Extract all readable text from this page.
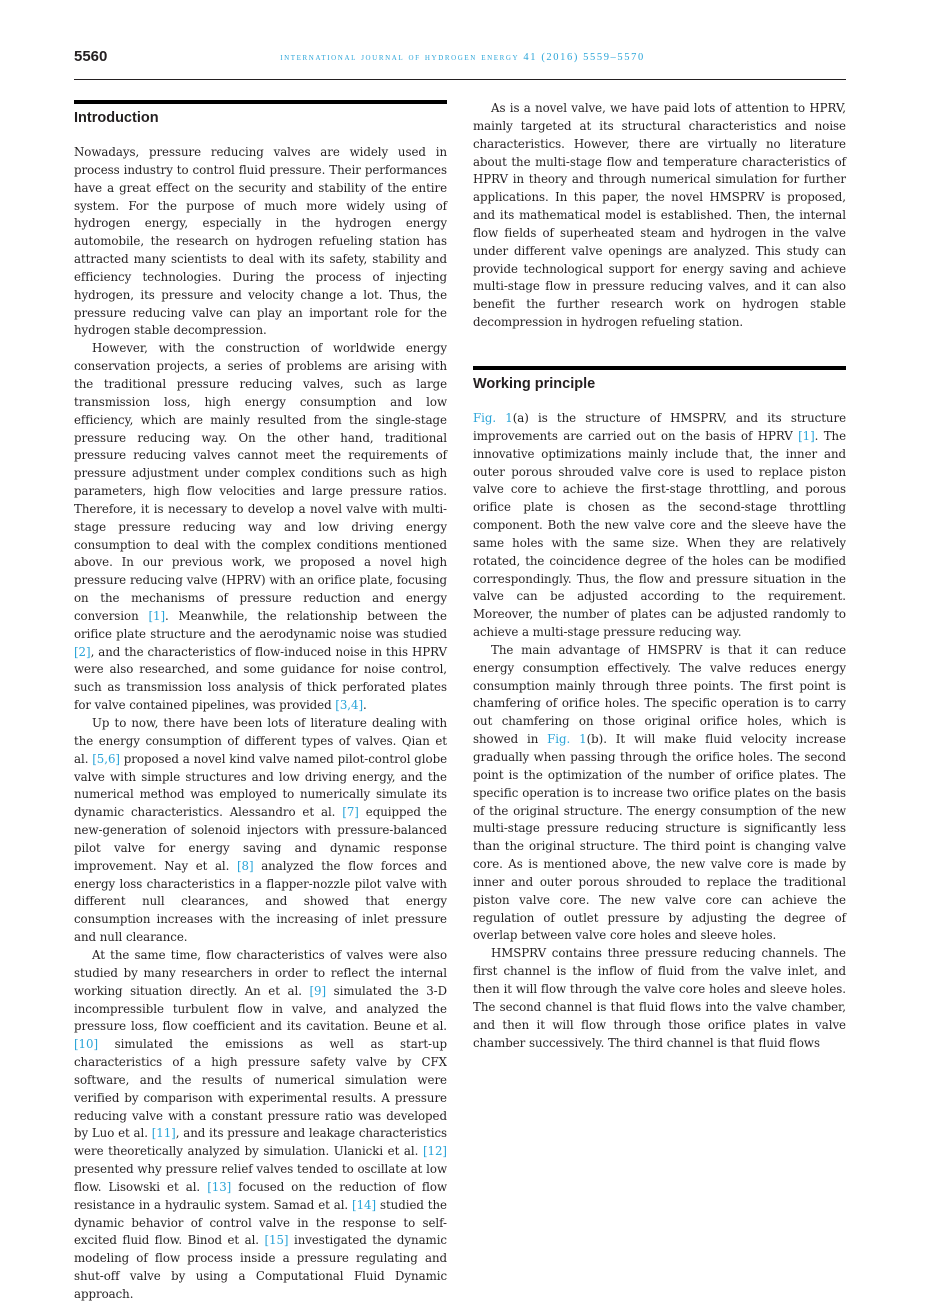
5560	international journal of hydrogen energy 41 (2016) 5559–5570
Introduction

Nowadays, pressure reducing valves are widely used in process industry to control fluid pressure. Their performances have a great effect on the security and stability of the entire system. For the purpose of much more widely using of hydrogen energy, especially in the hydrogen energy automobile, the research on hydrogen refueling station has attracted many scientists to deal with its safety, stability and efficiency technologies. During the process of injecting hydrogen, its pressure and velocity change a lot. Thus, the pressure reducing valve can play an important role for the hydrogen stable decompression.

However, with the construction of worldwide energy conservation projects, a series of problems are arising with the traditional pressure reducing valves, such as large transmission loss, high energy consumption and low efficiency, which are mainly resulted from the single-stage pressure reducing way. On the other hand, traditional pressure reducing valves cannot meet the requirements of pressure adjustment under complex conditions such as high parameters, high flow velocities and large pressure ratios. Therefore, it is necessary to develop a novel valve with multi-stage pressure reducing way and low driving energy consumption to deal with the complex conditions mentioned above. In our previous work, we proposed a novel high pressure reducing valve (HPRV) with an orifice plate, focusing on the mechanisms of pressure reduction and energy conversion [1]. Meanwhile, the relationship between the orifice plate structure and the aerodynamic noise was studied [2], and the characteristics of flow-induced noise in this HPRV were also researched, and some guidance for noise control, such as transmission loss analysis of thick perforated plates for valve contained pipelines, was provided [3,4].

Up to now, there have been lots of literature dealing with the energy consumption of different types of valves. Qian et al. [5,6] proposed a novel kind valve named pilot-control globe valve with simple structures and low driving energy, and the numerical method was employed to numerically simulate its dynamic characteristics. Alessandro et al. [7] equipped the new-generation of solenoid injectors with pressure-balanced pilot valve for energy saving and dynamic response improvement. Nay et al. [8] analyzed the flow forces and energy loss characteristics in a flapper-nozzle pilot valve with different null clearances, and showed that energy consumption increases with the increasing of inlet pressure and null clearance.

At the same time, flow characteristics of valves were also studied by many researchers in order to reflect the internal working situation directly. An et al. [9] simulated the 3-D incompressible turbulent flow in valve, and analyzed the pressure loss, flow coefficient and its cavitation. Beune et al. [10] simulated the emissions as well as start-up characteristics of a high pressure safety valve by CFX software, and the results of numerical simulation were verified by comparison with experimental results. A pressure reducing valve with a constant pressure ratio was developed by Luo et al. [11], and its pressure and leakage characteristics were theoretically analyzed by simulation. Ulanicki et al. [12] presented why pressure relief valves tended to oscillate at low flow. Lisowski et al. [13] focused on the reduction of flow resistance in a hydraulic system. Samad et al. [14] studied the dynamic behavior of control valve in the response to self-excited fluid flow. Binod et al. [15] investigated the dynamic modeling of flow process inside a pressure regulating and shut-off valve by using a Computational Fluid Dynamic approach.

As is a novel valve, we have paid lots of attention to HPRV, mainly targeted at its structural characteristics and noise characteristics. However, there are virtually no literature about the multi-stage flow and temperature characteristics of HPRV in theory and through numerical simulation for further applications. In this paper, the novel HMSPRV is proposed, and its mathematical model is established. Then, the internal flow fields of superheated steam and hydrogen in the valve under different valve openings are analyzed. This study can provide technological support for energy saving and achieve multi-stage flow in pressure reducing valves, and it can also benefit the further research work on hydrogen stable decompression in hydrogen refueling station.

Working principle

Fig. 1(a) is the structure of HMSPRV, and its structure improvements are carried out on the basis of HPRV [1]. The innovative optimizations mainly include that, the inner and outer porous shrouded valve core is used to replace piston valve core to achieve the first-stage throttling, and porous orifice plate is chosen as the second-stage throttling component. Both the new valve core and the sleeve have the same holes with the same size. When they are relatively rotated, the coincidence degree of the holes can be modified correspondingly. Thus, the flow and pressure situation in the valve can be adjusted according to the requirement. Moreover, the number of plates can be adjusted randomly to achieve a multi-stage pressure reducing way.

The main advantage of HMSPRV is that it can reduce energy consumption effectively. The valve reduces energy consumption mainly through three points. The first point is chamfering of orifice holes. The specific operation is to carry out chamfering on those original orifice holes, which is showed in Fig. 1(b). It will make fluid velocity increase gradually when passing through the orifice holes. The second point is the optimization of the number of orifice plates. The specific operation is to increase two orifice plates on the basis of the original structure. The energy consumption of the new multi-stage pressure reducing structure is significantly less than the original structure. The third point is changing valve core. As is mentioned above, the new valve core is made by inner and outer porous shrouded to replace the traditional piston valve core. The new valve core can achieve the regulation of outlet pressure by adjusting the degree of overlap between valve core holes and sleeve holes.

HMSPRV contains three pressure reducing channels. The first channel is the inflow of fluid from the valve inlet, and then it will flow through the valve core holes and sleeve holes. The second channel is that fluid flows into the valve chamber, and then it will flow through those orifice plates in valve chamber successively. The third channel is that fluid flows
